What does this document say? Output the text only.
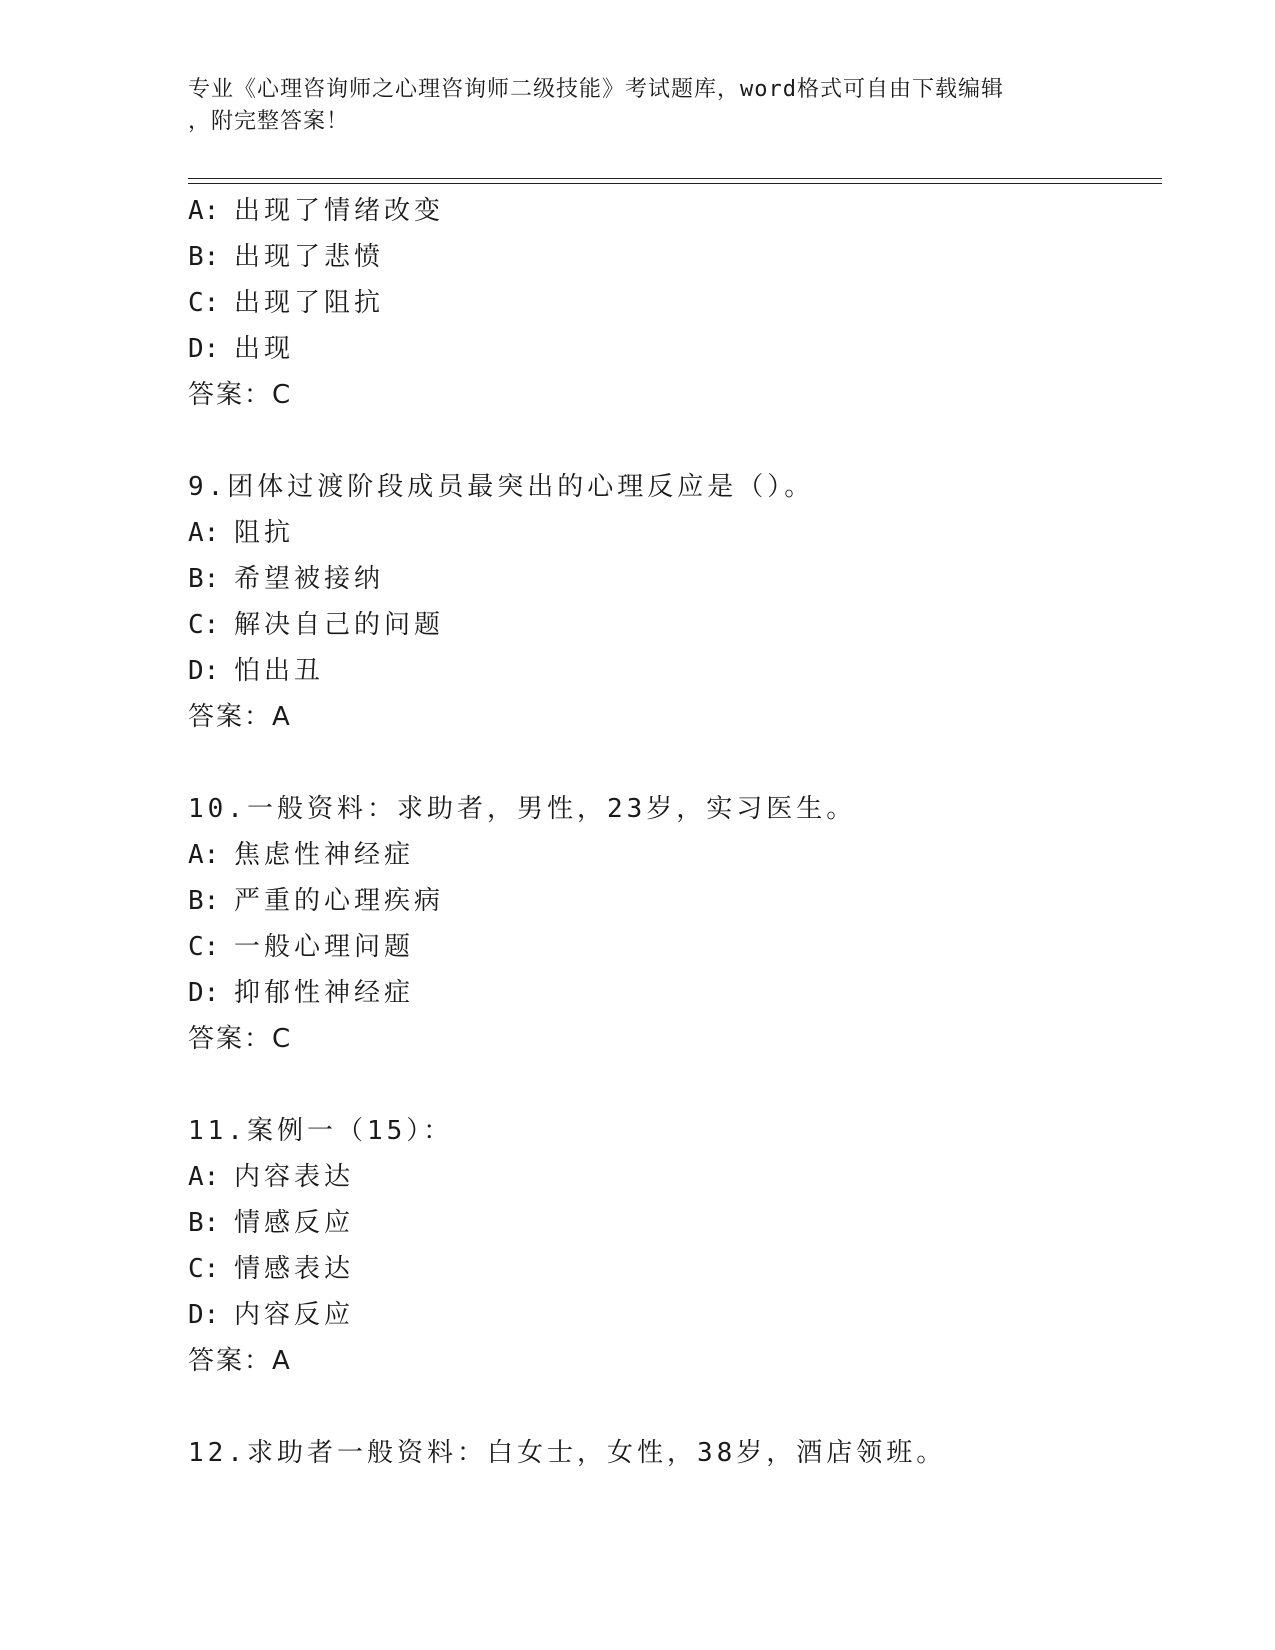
专业《心理咨询师之心理咨询师二级技能》考试题库，word格式可自由下载编辑
，附完整答案！
A: 出现了情绪改变
B: 出现了悲愤
C: 出现了阻抗
D: 出现
答案：C
9.团体过渡阶段成员最突出的心理反应是（）。
A: 阻抗
B: 希望被接纳
C: 解决自己的问题
D: 怕出丑
答案：A
10.一般资料：求助者，男性，23岁，实习医生。
A: 焦虑性神经症
B: 严重的心理疾病
C: 一般心理问题
D: 抑郁性神经症
答案：C
11.案例一（15）：
A: 内容表达
B: 情感反应
C: 情感表达
D: 内容反应
答案：A
12.求助者一般资料：白女士，女性，38岁，酒店领班。
